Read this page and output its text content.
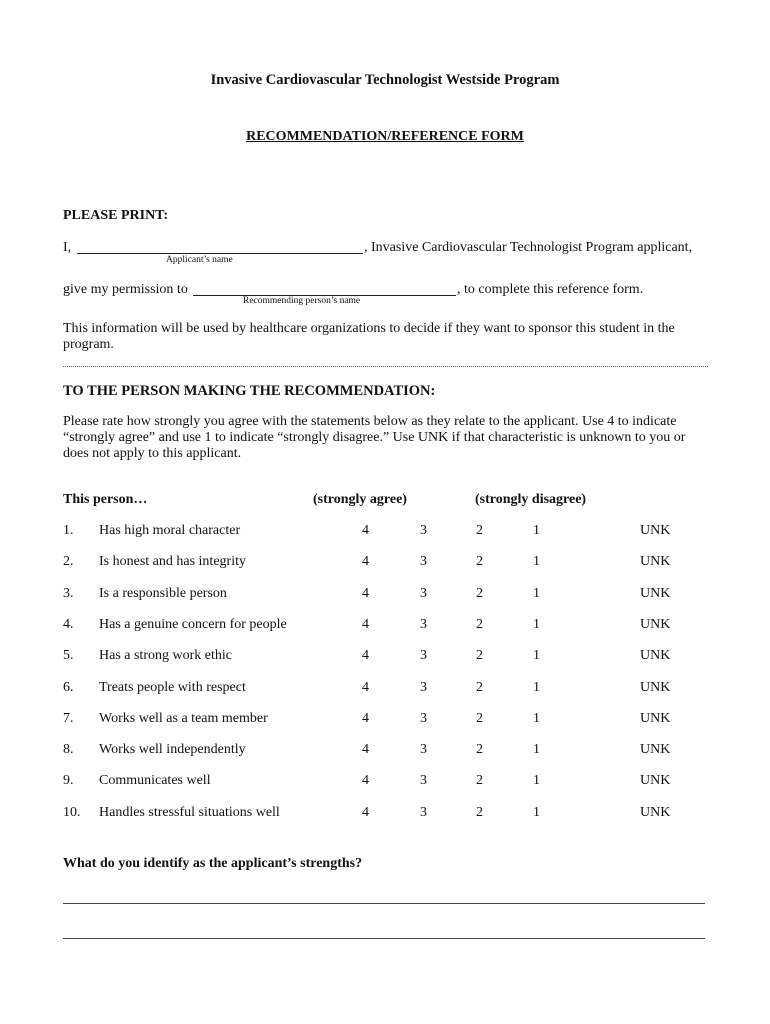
Invasive Cardiovascular Technologist Westside Program
RECOMMENDATION/REFERENCE FORM
PLEASE PRINT:
I,	, Invasive Cardiovascular Technologist Program applicant,
Applicant’s name
give my permission to	, to complete this reference form.
Recommending person’s name
This information will be used by healthcare organizations to decide if they want to sponsor this student in the program.
TO THE PERSON MAKING THE RECOMMENDATION:
Please rate how strongly you agree with the statements below as they relate to the applicant. Use 4 to indicate “strongly agree” and use 1 to indicate “strongly disagree.” Use UNK if that characteristic is unknown to you or does not apply to this applicant.
This person…	(strongly agree)	(strongly disagree)
1. Has high moral character	4	3	2	1	UNK
2. Is honest and has integrity	4	3	2	1	UNK
3. Is a responsible person	4	3	2	1	UNK
4. Has a genuine concern for people	4	3	2	1	UNK
5. Has a strong work ethic	4	3	2	1	UNK
6. Treats people with respect	4	3	2	1	UNK
7. Works well as a team member	4	3	2	1	UNK
8. Works well independently	4	3	2	1	UNK
9. Communicates well	4	3	2	1	UNK
10. Handles stressful situations well	4	3	2	1	UNK
What do you identify as the applicant’s strengths?
